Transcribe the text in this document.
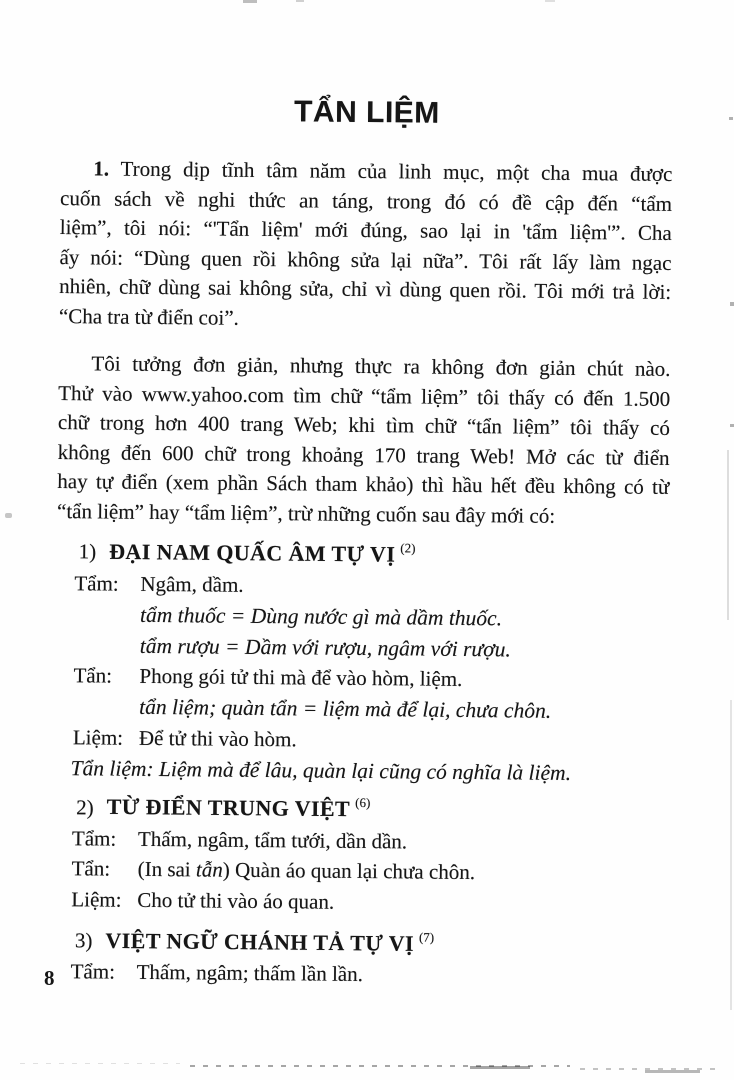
TẨN LIỆM
1. Trong dịp tĩnh tâm năm của linh mục, một cha mua được
cuốn sách về nghi thức an táng, trong đó có đề cập đến “tẩm
liệm”, tôi nói: “'Tẩn liệm' mới đúng, sao lại in 'tẩm liệm'”. Cha
ấy nói: “Dùng quen rồi không sửa lại nữa”. Tôi rất lấy làm ngạc
nhiên, chữ dùng sai không sửa, chỉ vì dùng quen rồi. Tôi mới trả lời:
“Cha tra từ điển coi”.
Tôi tưởng đơn giản, nhưng thực ra không đơn giản chút nào.
Thử vào www.yahoo.com tìm chữ “tẩm liệm” tôi thấy có đến 1.500
chữ trong hơn 400 trang Web; khi tìm chữ “tẩn liệm” tôi thấy có
không đến 600 chữ trong khoảng 170 trang Web! Mở các từ điển
hay tự điển (xem phần Sách tham khảo) thì hầu hết đều không có từ
“tẩn liệm” hay “tẩm liệm”, trừ những cuốn sau đây mới có:
1) ĐẠI NAM QUẤC ÂM TỰ VỊ $^{(2)}$
Tẩm: Ngâm, dầm.
tẩm thuốc = Dùng nước gì mà dầm thuốc.
tẩm rượu = Dầm với rượu, ngâm với rượu.
Tẩn: Phong gói tử thi mà để vào hòm, liệm.
tẩn liệm; quàn tẩn = liệm mà để lại, chưa chôn.
Liệm: Để tử thi vào hòm.
Tẩn liệm: Liệm mà để lâu, quàn lại cũng có nghĩa là liệm.
2) TỪ ĐIỂN TRUNG VIỆT $^{(6)}$
Tẩm: Thấm, ngâm, tẩm tưới, dần dần.
Tẩn: (In sai tẫn) Quàn áo quan lại chưa chôn.
Liệm: Cho tử thi vào áo quan.
3) VIỆT NGỮ CHÁNH TẢ TỰ VỊ $^{(7)}$
Tẩm: Thấm, ngâm; thấm lần lần.
8
